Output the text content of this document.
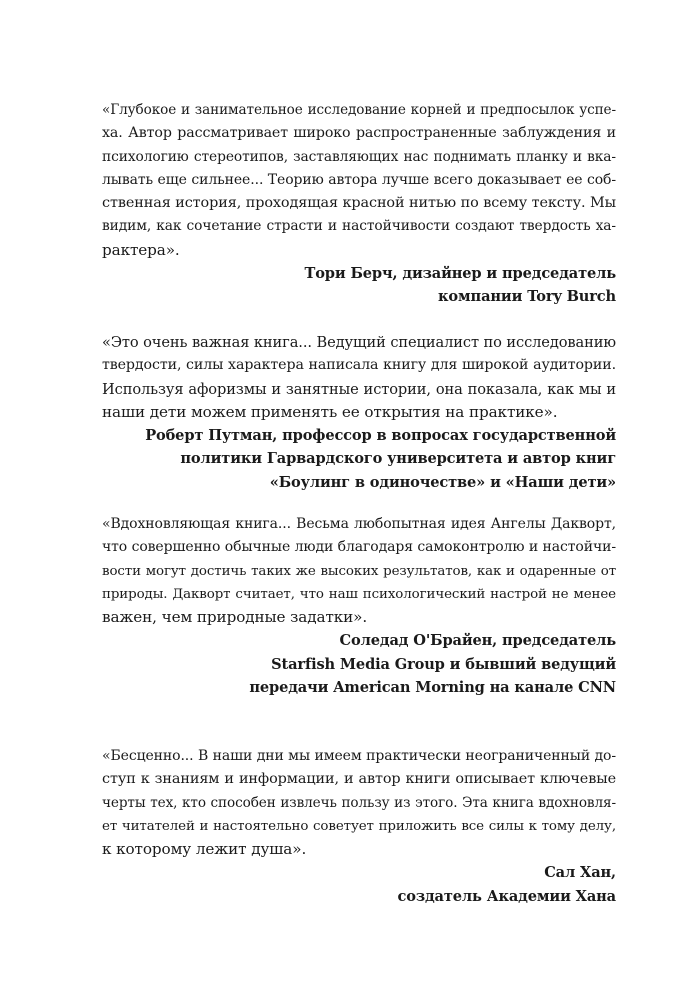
«Глубокое и занимательное исследование корней и предпосылок успе-
ха. Автор рассматривает широко распространенные заблуждения и
психологию стереотипов, заставляющих нас поднимать планку и вка-
лывать еще сильнее... Теорию автора лучше всего доказывает ее соб-
ственная история, проходящая красной нитью по всему тексту. Мы
видим, как сочетание страсти и настойчивости создают твердость ха-
рактера».
Тори Берч, дизайнер и председатель
компании Tory Burch
«Это очень важная книга... Ведущий специалист по исследованию
твердости, силы характера написала книгу для широкой аудитории.
Используя афоризмы и занятные истории, она показала, как мы и
наши дети можем применять ее открытия на практике».
Роберт Путман, профессор в вопросах государственной
политики Гарвардского университета и автор книг
«Боулинг в одиночестве» и «Наши дети»
«Вдохновляющая книга... Весьма любопытная идея Ангелы Дакворт,
что совершенно обычные люди благодаря самоконтролю и настойчи-
вости могут достичь таких же высоких результатов, как и одаренные от
природы. Дакворт считает, что наш психологический настрой не менее
важен, чем природные задатки».
Соледад О'Брайен, председатель
Starfish Media Group и бывший ведущий
передачи American Morning на канале CNN
«Бесценно... В наши дни мы имеем практически неограниченный до-
ступ к знаниям и информации, и автор книги описывает ключевые
черты тех, кто способен извлечь пользу из этого. Эта книга вдохновля-
ет читателей и настоятельно советует приложить все силы к тому делу,
к которому лежит душа».
Сал Хан,
создатель Академии Хана
